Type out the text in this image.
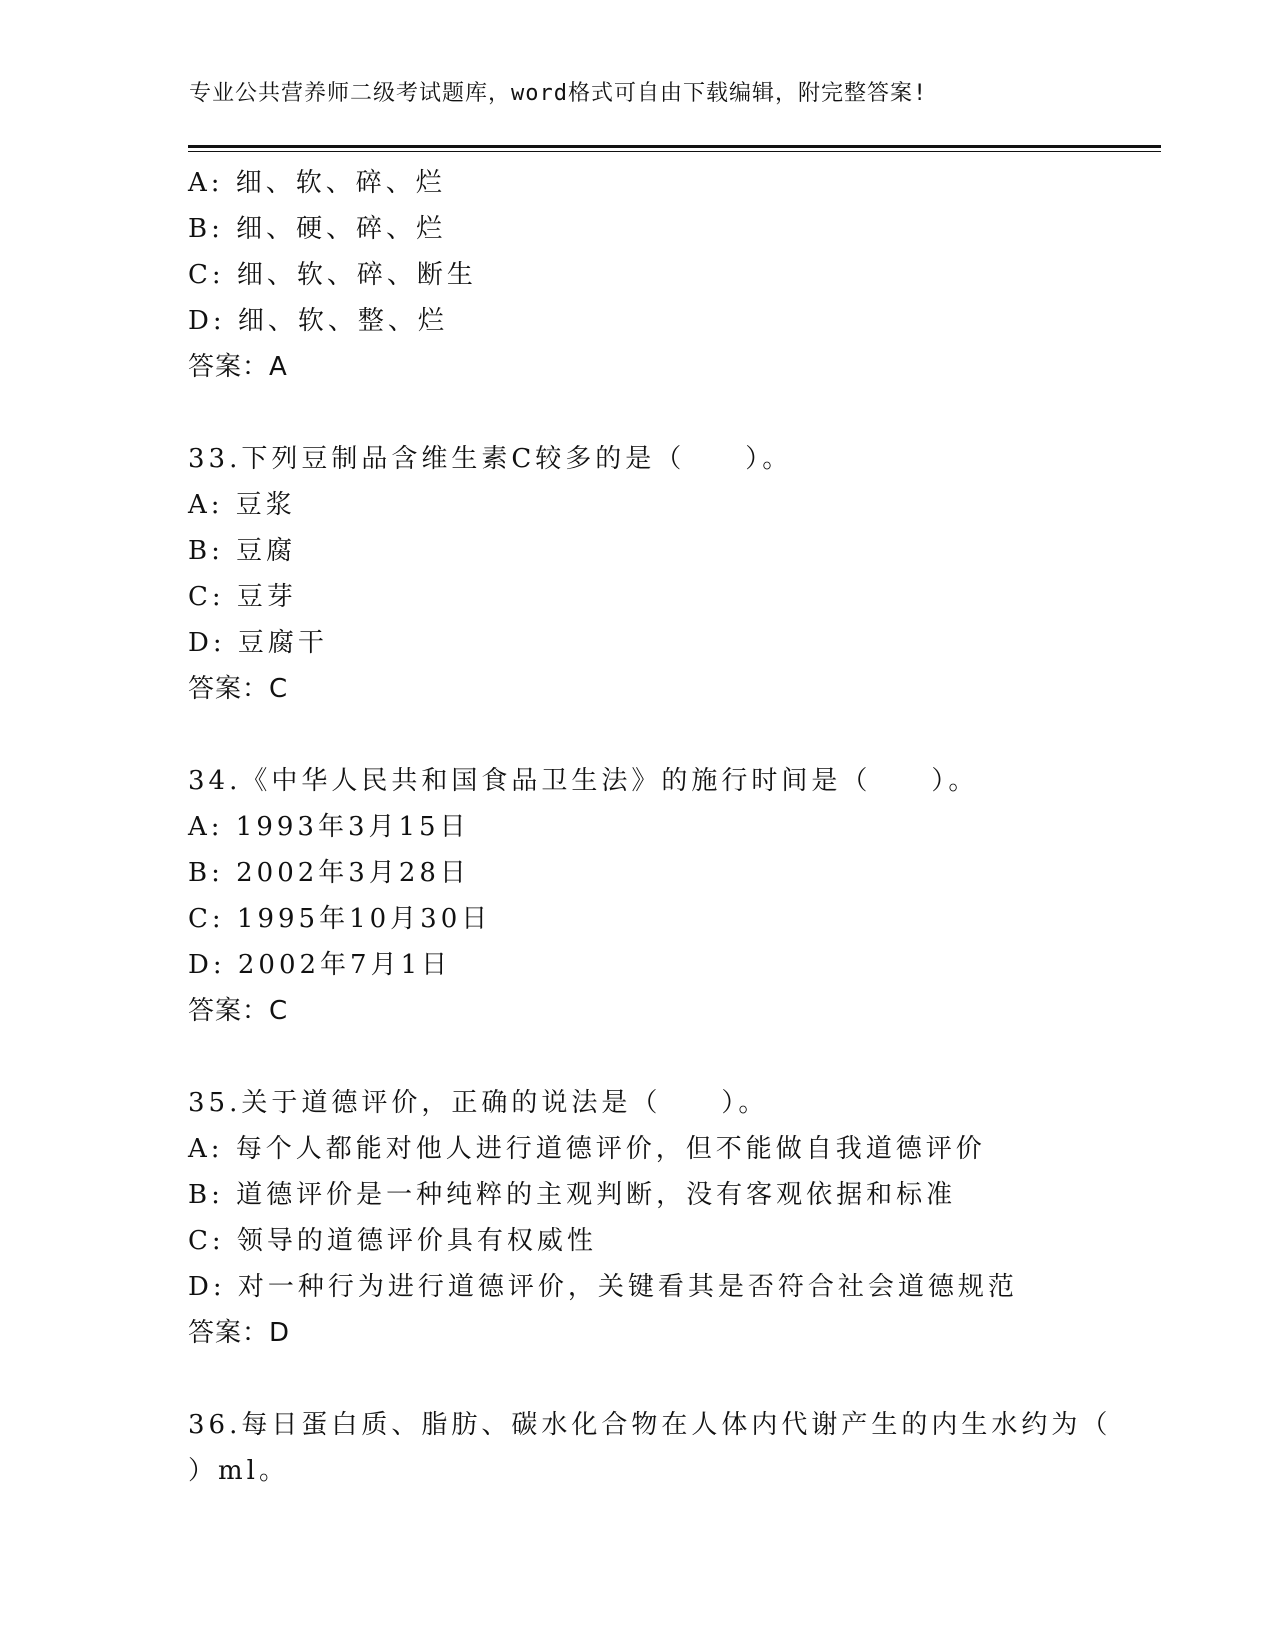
专业公共营养师二级考试题库，word格式可自由下载编辑，附完整答案!
A: 细、软、碎、烂
B: 细、硬、碎、烂
C: 细、软、碎、断生
D: 细、软、整、烂
答案：A
33.下列豆制品含维生素C较多的是（　　）。
A: 豆浆
B: 豆腐
C: 豆芽
D: 豆腐干
答案：C
34.《中华人民共和国食品卫生法》的施行时间是（　　）。
A: 1993年3月15日
B: 2002年3月28日
C: 1995年10月30日
D: 2002年7月1日
答案：C
35.关于道德评价，正确的说法是（　　）。
A: 每个人都能对他人进行道德评价，但不能做自我道德评价
B: 道德评价是一种纯粹的主观判断，没有客观依据和标准
C: 领导的道德评价具有权威性
D: 对一种行为进行道德评价，关键看其是否符合社会道德规范
答案：D
36.每日蛋白质、脂肪、碳水化合物在人体内代谢产生的内生水约为（
）ml。
